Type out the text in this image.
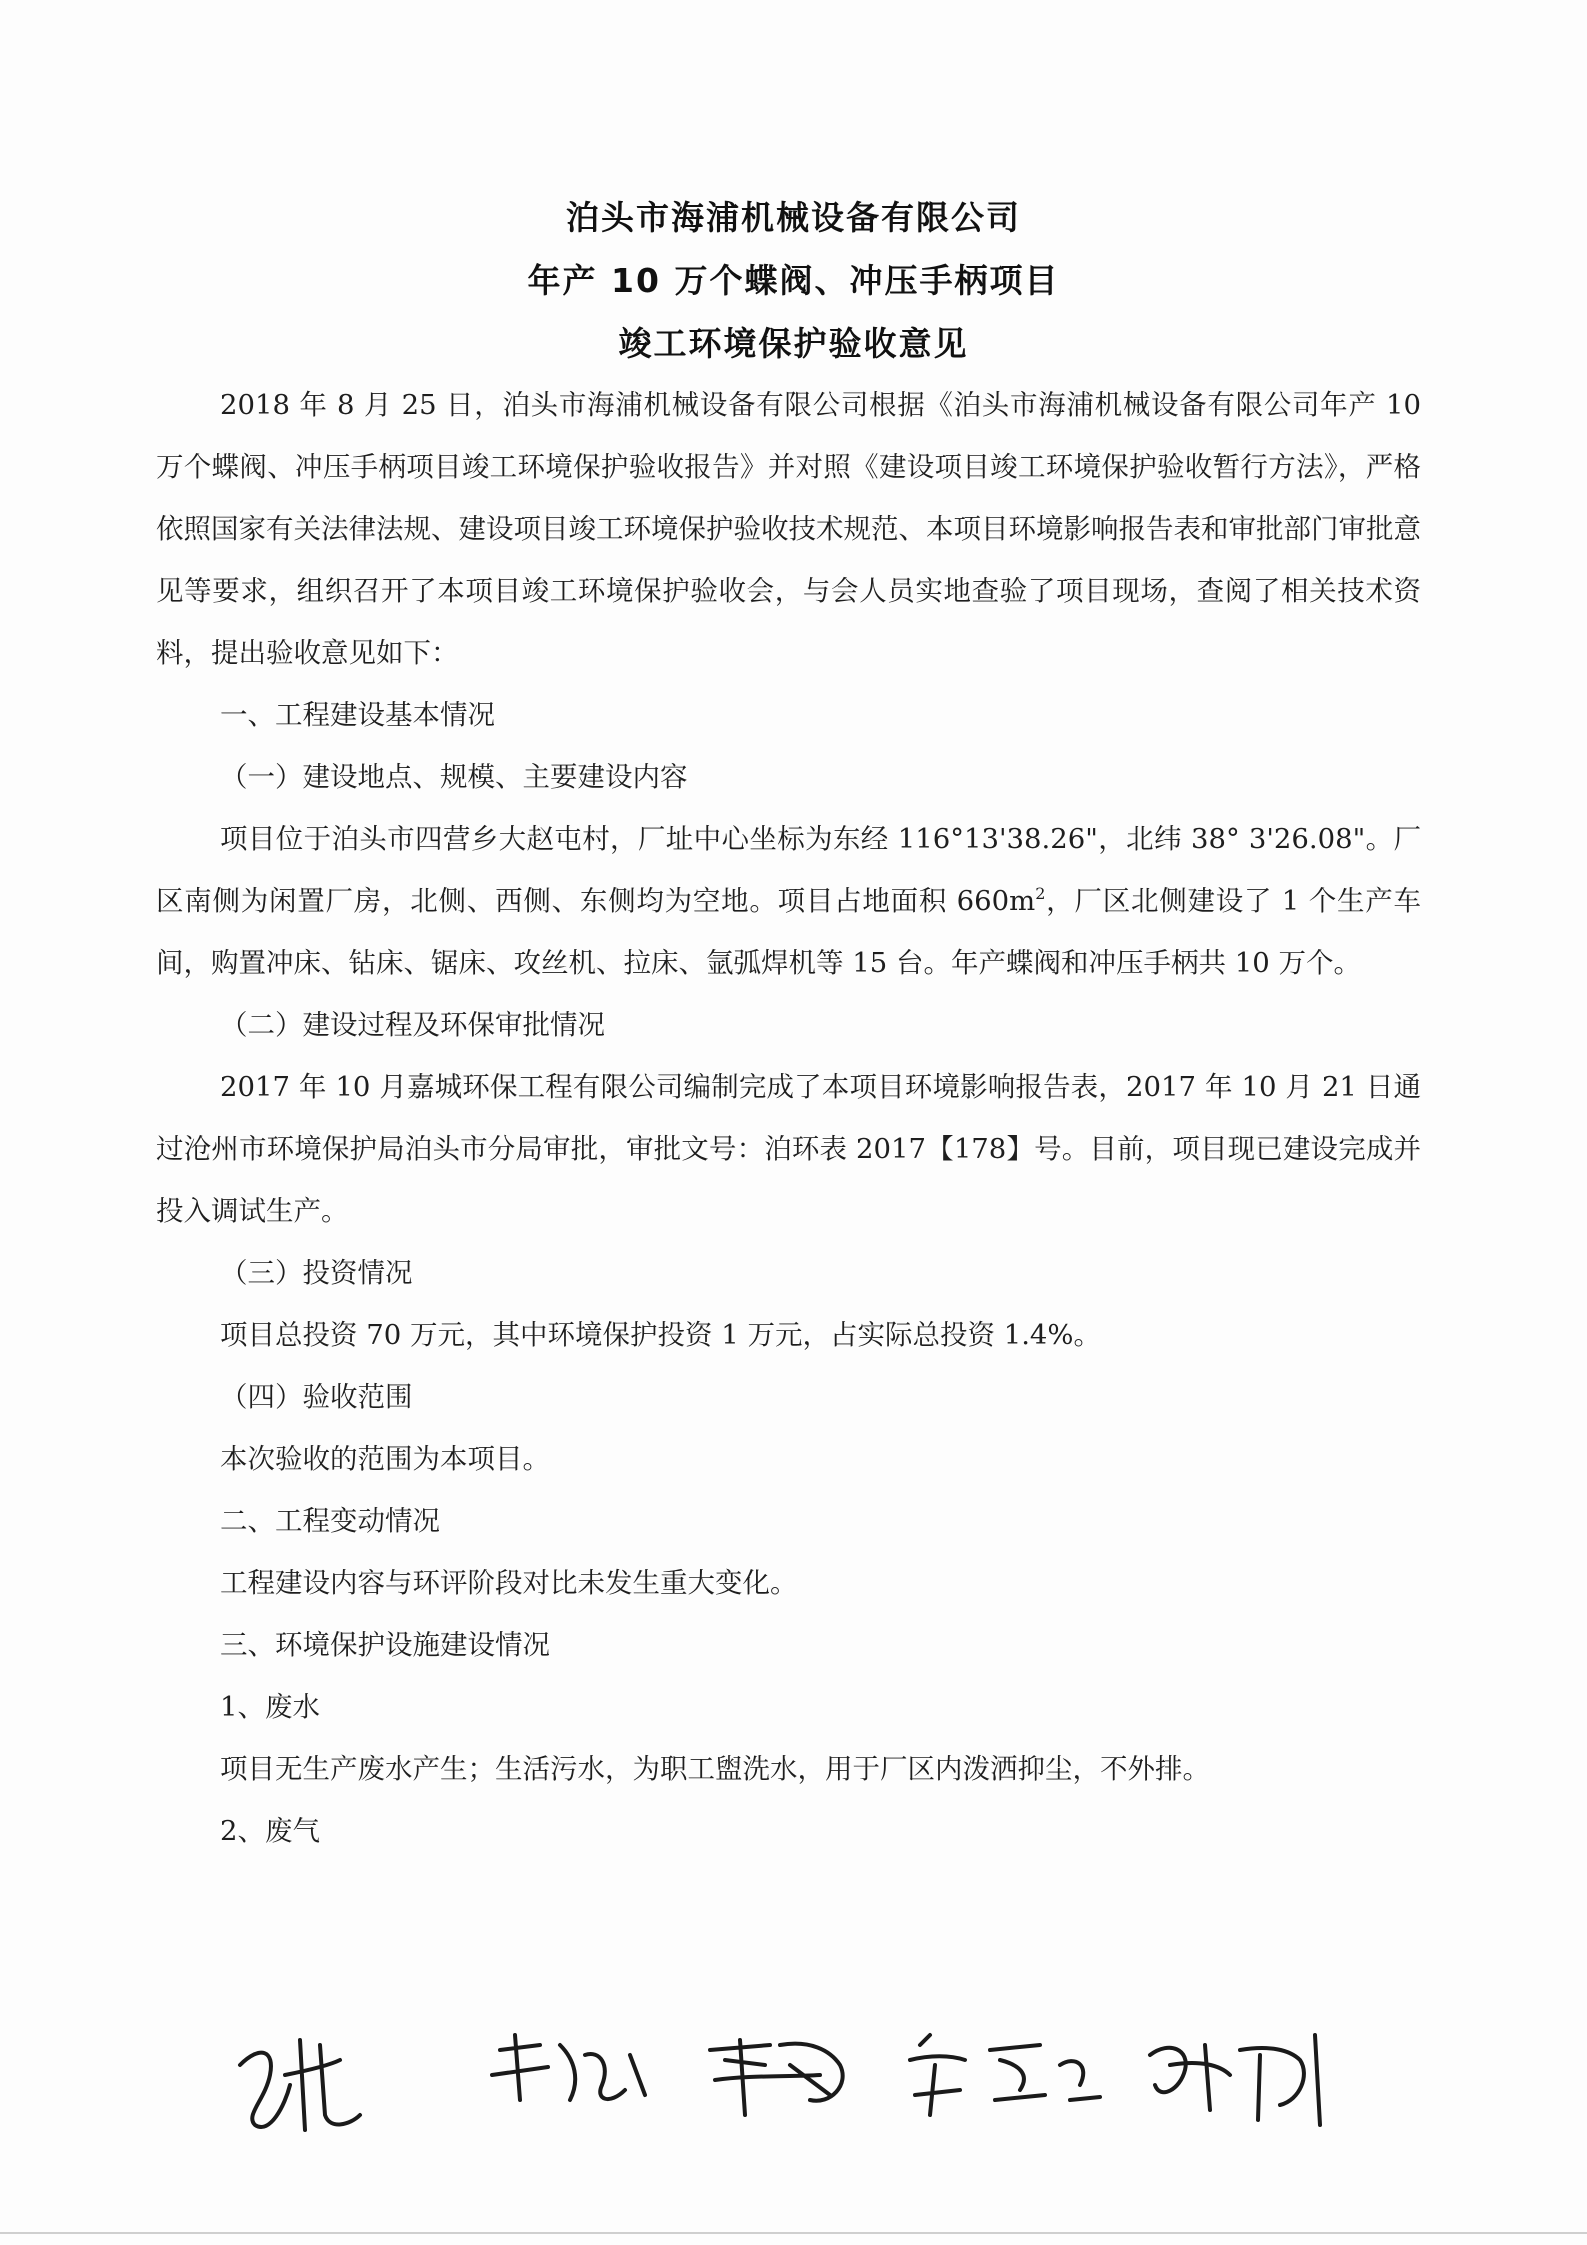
泊头市海浦机械设备有限公司
年产 10 万个蝶阀、冲压手柄项目
竣工环境保护验收意见

2018 年 8 月 25 日，泊头市海浦机械设备有限公司根据《泊头市海浦机械设备有限公司年产 10 万个蝶阀、冲压手柄项目竣工环境保护验收报告》并对照《建设项目竣工环境保护验收暂行方法》，严格依照国家有关法律法规、建设项目竣工环境保护验收技术规范、本项目环境影响报告表和审批部门审批意见等要求，组织召开了本项目竣工环境保护验收会，与会人员实地查验了项目现场，查阅了相关技术资料，提出验收意见如下：

一、工程建设基本情况

（一）建设地点、规模、主要建设内容

项目位于泊头市四营乡大赵屯村，厂址中心坐标为东经 116°13'38.26"，北纬 38° 3'26.08"。厂区南侧为闲置厂房，北侧、西侧、东侧均为空地。项目占地面积 $660m^2$，厂区北侧建设了 1 个生产车间，购置冲床、钻床、锯床、攻丝机、拉床、氩弧焊机等 15 台。年产蝶阀和冲压手柄共 10 万个。

（二）建设过程及环保审批情况

2017 年 10 月嘉城环保工程有限公司编制完成了本项目环境影响报告表，2017 年 10 月 21 日通过沧州市环境保护局泊头市分局审批，审批文号：泊环表 2017【178】号。目前，项目现已建设完成并投入调试生产。

（三）投资情况

项目总投资 70 万元，其中环境保护投资 1 万元，占实际总投资 1.4%。

（四）验收范围

本次验收的范围为本项目。

二、工程变动情况

工程建设内容与环评阶段对比未发生重大变化。

三、环境保护设施建设情况

1、废水

项目无生产废水产生；生活污水，为职工盥洗水，用于厂区内泼洒抑尘，不外排。

2、废气
